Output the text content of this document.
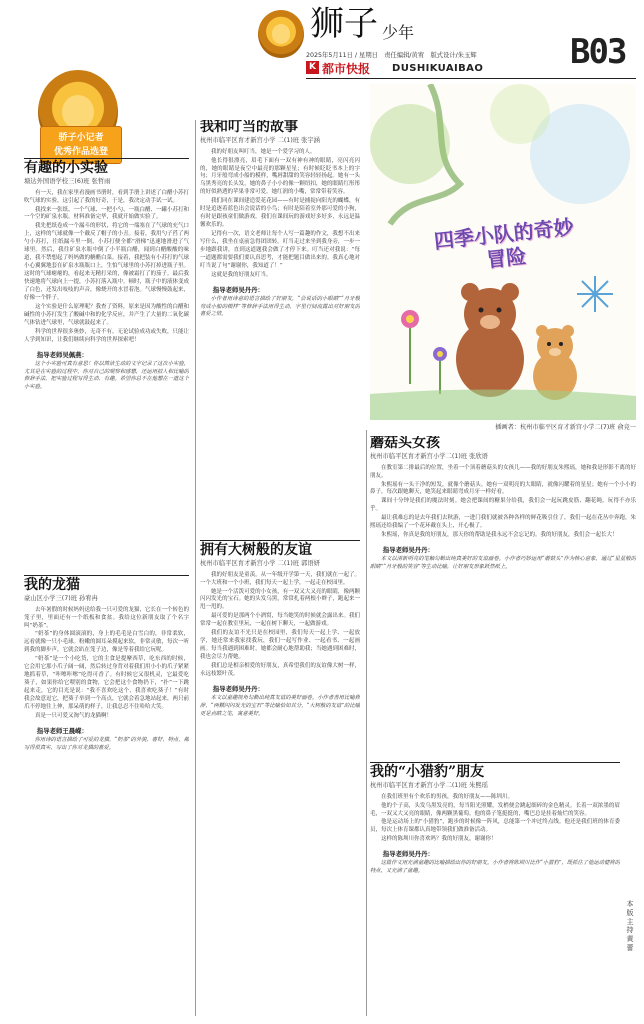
狮子 少年
2025年5月11日 / 星期日　责任编辑/黄宥　版式设计/朱玉辉
K 都市快报 DUSHIKUAIBAO	B03
骄子小记者
优秀作品选登
有趣的小实验
塘达外国语学校三(6)班 张哲雨

有一天，我在家里看漫画书册时，看到手册上讲述了白醋小苏打吹气球的实验，这引起了我的好奇，于是，我决定动手试一试。

我找来一张纸、一个气球、一把小勺、一瓶白醋、一罐小苏打和一个空的矿泉水瓶。材料准备完毕，我就开始做实验了。

我先把纸卷成一个漏斗的形状，将它的一端塞在了气球的充气口上，这样的气球就像一个戴反了帽子的小丑。接着，我用勺子舀了两勺小苏打，往纸漏斗里一倒，小苏打便全都“滑梯”迅速地滑进了气球里。然后，我往矿泉水瓶中倒了小半瓶白醋，闻到白醋酸酸的味道，我不禁想起了妈妈做的糖醋白菜。接着，我把装有小苏打的气球小心翼翼地套在矿泉水瓶瓶口上，生怕气球里的小苏打掉进瓶子里。这时的气球瘪瘪的，看起来无精打采的，像被霜打了的茄子。最后我快速地将气球向上一提，小苏打落入瓶中。顿时，瓶子中的液体变成了白色，还发出吱吱的声音，像烧开的水冒着泡。气球慢慢鼓起来，好像一个胖子。

这个实验是什么原理呢？我查了资料，原来是因为酸性的白醋和碱性的小苏打发生了酸碱中和的化学反应，并产生了大量的二氧化碳气体钻进气球里，气球就鼓起来了。

科学的世界很多奥妙，无奇不有。无论试验成功或失败，只能让人学到知识，让我们继续向科学的世界探索吧！

指导老师吴佩燕：
这个小实验可真有意思！你以简洁生动的文字记录了这次小实验，尤其是在实验的过程中，你对自己的观察和感想，还运用拟人和比喻的修辞手法，把实验过程写得生动、有趣。希望你总不在他想在一道这个小实验。
我的龙猫
豪山区小学三(7)班 孙宥冉

去年暑假的时候妈妈送给我一只可爱的龙猫，它长在一个转色的笼子里，里面还有一个纸板和食盆。我给这位新朋友取了个名字叫“奶茶”。

“奶茶”的身体圆滚滚的，身上的毛毛是白雪白的，非常柔软，远看就像一只小毛球。粉嫩的圆耳朵摸起来软，非常灵敏，每次一听到我的脚步声，它就会趴在笼子边，像是等着我给它玩呢。

“奶茶”是一个小吃货，它的主食是提摩西草，吃东西的时候，它会用它那小爪子阔一阔，然后转过身背对着我们用小小的爪子紧紧地抓着草，“咔嚓咔嚓”吃得可香了。有时候它又很机灵，它最爱吃葵子，如果你给它喂别的食物，它会把这个食物扔下，“扑”一下跳起来走，它的目光是说：“我不喜欢吃这个，我喜欢吃葵子！”有时我会故意逗它，把葵子举到一个高点，它就会着急地站起来，两只前爪不停地往上伸，那呆萌的样子，让我总忍不住哈哈大笑。

真是一只可爱又淘气的龙猫啊！

指导老师王晨嵘：
你用诗的语言描绘了可爱的龙猫，“奶茶”的外貌、喜好、特点，都写得很真实，写出了你对龙猫的喜爱。
我和叮当的故事
杭州市临平区育才新宫小学 二(1)班 张宇涵

我的好朋友叫叮当，她是一个爱学习的人。

他长得很漂亮，眉毛下面有一双有神有神的眼睛，亮闪亮闪的，她的眼睛是夜空中最亮的那颗星星；有时候眨眨书本上的字句；月牙般弯成小船的模样，嘴唇甜甜的笑容轻轻扬起。她有一头乌黑秀亮的长头发，她的鼻子小小的像一颗纽扣，她的眼睛红彤彤的好似熟透的苹果非常可爱。她红润的小嘴，常常带着笑容。

我们同在课间建造爱花花园——有时是捕捉向阳光的蝴蝶，有时是追逐着蓝色出会说话的小鸟；有时是陪着室外那可爱的小狗，有时是跟孩童们做游戏。我们在课间玩的游戏好多好多，永远是温馨欢乐的。

记得有一次，语文老师让每个人写一篇趣的作文，我想不出来写什么，我坐在桌前急得团团转。叮当走过来坐到我身旁，一步一步地跟我讲，直到这道题我会做了才停下来。叮当还对我说：“每一道题都需要我们要认真思考，才能把题目做出来的。我真心地对叮当说了句“谢谢你，我知道了！”

这就是我的好朋友叮当。

指导老师吴丹丹：
小作者用诗意的语言描绘了好朋友，“会说话的小眼睛”“月牙般弯成小船的模样”等修辞手法用得生动，字里行间流露出对好朋友的喜爱之情。
拥有大树般的友谊
杭州市临平区育才新宫小学 二(1)班 郭语妍

我的好朋友是童羡，从一年级开学第一天，我们就在一起了。一个大班和一个小班，我们每天一起上学，一起走在校园里。

她是一个活泼可爱的小女孩，有一双又大又亮的眼睛，像两颗闪闪发光的宝石。她的头发乌黑，常常扎着两根小辫子，跑起来一甩一甩的。

最可爱的是那两个小酒窝，每当她笑的时候就会露出来。我们常常一起在教室里玩，一起在树下聊天，一起做游戏。

我们的友谊不光只是在校园里，我们每天一起上学、一起放学，她还常来我家找我玩，我们一起写作业、一起看书、一起画画。每当我遇到困难时，她都会耐心地帮助我；当她遇到困难时，我也会尽力帮她。

我们总是相亲相爱的好朋友，真希望我们的友谊像大树一样，永远枝繁叶茂。

指导老师吴丹丹：
本文以童趣视角勾勒出纯真友谊的美好画卷。小作者善用比喻修辞，“两颗闪闪发光的宝石”等比喻恰如其分，“大树般的友谊”的比喻更是点睛之笔，寓意美好。
四季小队的奇妙冒险
插画者：杭州市临平区育才新宫小学二(7)班 俞竞一
蘑菇头女孩
杭州市临平区育才新宫小学二(1)班 张欣语

在教室第二排最后的位置，坐着一个顶着蘑菇头的女孩儿——我的好朋友朱熙瑶，她和我是形影不离的好朋友。

朱熙瑶有一头干净的短发，就像个蘑菇头。她有一双明亮的大眼睛，就像闪耀着的星星；她有一个小小的鼻子，每次跟她聊天，她笑起来眼睛弯成月牙一样好看。

课间十分钟是我们的魔法时刻。她会把课间的糖果分给我，我们会一起玩跳皮筋、翻花绳，玩得不亦乐乎。

最让我难忘的是去年我们去秋游，一进门我们就被各种各样的鲜花吸引住了，我们一起在花丛中奔跑，朱熙瑶还给我编了一个花环戴在头上，开心极了。

朱熙瑶，你真是我的好朋友，那天你的帮助是我永远不会忘记的。我的好朋友，我们会一起长大！

指导老师吴丹丹：
本文以清新明亮的笔触勾勒出纯真美好的友谊画卷。小作者巧妙运用“蘑菇头”作为核心意象，通过“星星般的眼睛”“月牙般的笑容”等生动比喻，让好朋友形象跃然纸上。
我的“小猎豹”朋友
杭州市临平区育才新宫小学二(1)班 朱熙瑶

在我们班里有个欢乐的男孩，我的好朋友——陈圳川。

他的个子高，头发乌黑发亮的，每当阳光照耀，发梢便会跳起细碎的金色精灵。长着一双浓墨的眉毛，一双又大又亮的眼睛，像两颗黑葡萄。他的鼻子笔挺挺的，嘴巴总是挂着灿烂的笑容。

他是运动场上的“小猎豹”，跑步的时候像一阵风，总能第一个冲过终点线。他还是我们班的体育委员，每次上体育课都认真地带领我们做准备活动。

这样的陈圳川你喜欢吗？我的好朋友，谢谢你！

指导老师吴丹丹：
这篇作文用充满童趣的比喻描绘出你的好朋友。小作者将陈圳川比作“小猎豹”，既抓住了他运动健将的特点，又充满了童趣。
本版主持 黄蕾
